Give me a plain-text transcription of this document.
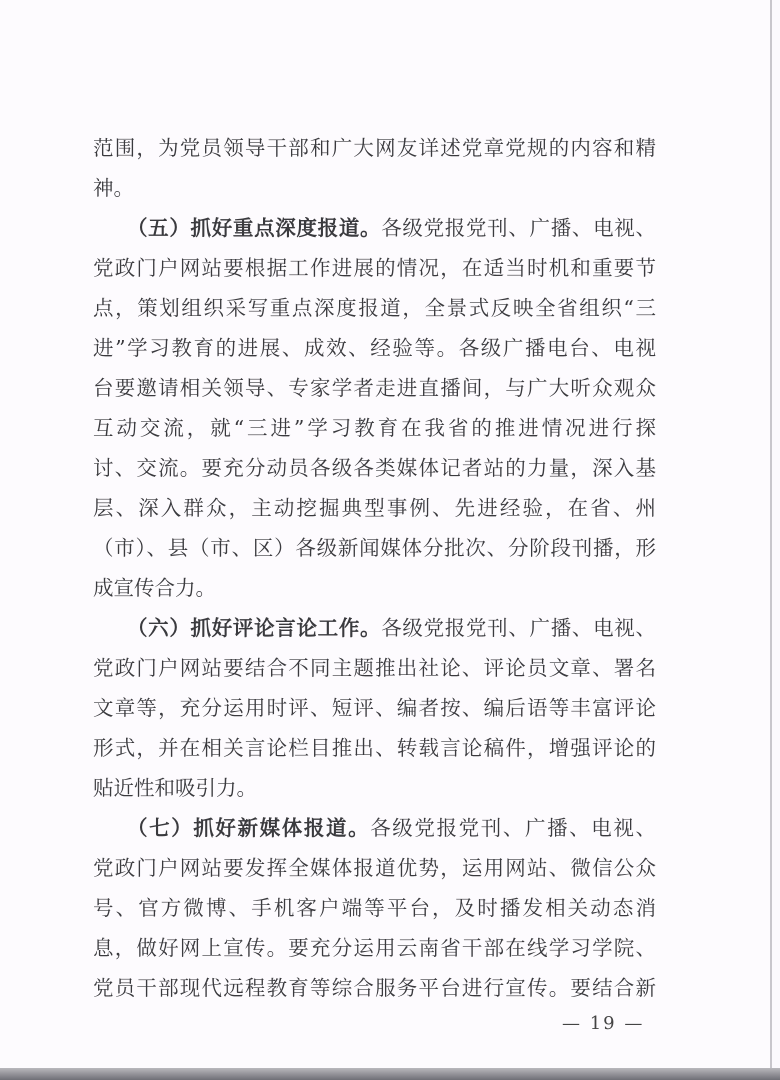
范围，为党员领导干部和广大网友详述党章党规的内容和精
神。
（五）抓好重点深度报道。各级党报党刊、广播、电视、
党政门户网站要根据工作进展的情况，在适当时机和重要节
点，策划组织采写重点深度报道，全景式反映全省组织“三
进”学习教育的进展、成效、经验等。各级广播电台、电视
台要邀请相关领导、专家学者走进直播间，与广大听众观众
互动交流，就“三进”学习教育在我省的推进情况进行探
讨、交流。要充分动员各级各类媒体记者站的力量，深入基
层、深入群众，主动挖掘典型事例、先进经验，在省、州
（市）、县（市、区）各级新闻媒体分批次、分阶段刊播，形
成宣传合力。
（六）抓好评论言论工作。各级党报党刊、广播、电视、
党政门户网站要结合不同主题推出社论、评论员文章、署名
文章等，充分运用时评、短评、编者按、编后语等丰富评论
形式，并在相关言论栏目推出、转载言论稿件，增强评论的
贴近性和吸引力。
（七）抓好新媒体报道。各级党报党刊、广播、电视、
党政门户网站要发挥全媒体报道优势，运用网站、微信公众
号、官方微博、手机客户端等平台，及时播发相关动态消
息，做好网上宣传。要充分运用云南省干部在线学习学院、
党员干部现代远程教育等综合服务平台进行宣传。要结合新
— 19 —
